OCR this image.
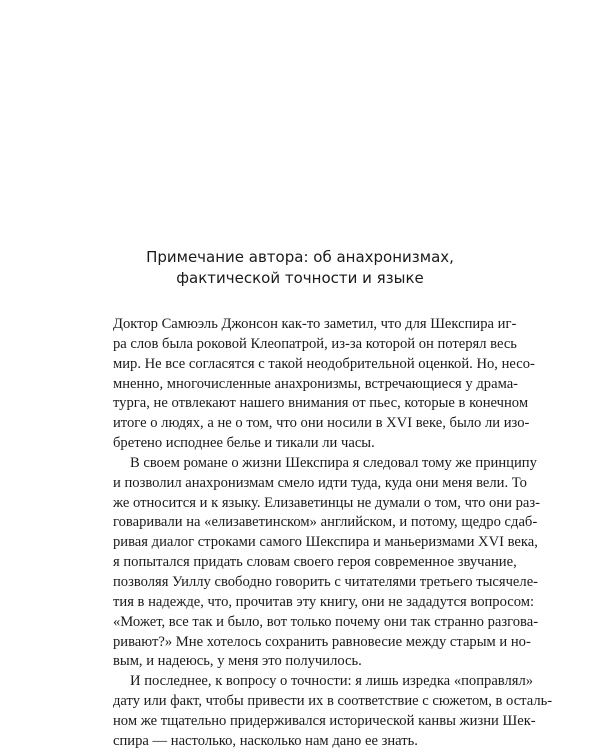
Примечание автора: об анахронизмах,
фактической точности и языке
Доктор Самюэль Джонсон как-то заметил, что для Шекспира иг-
ра слов была роковой Клеопатрой, из-за которой он потерял весь
мир. Не все согласятся с такой неодобрительной оценкой. Но, несо-
мненно, многочисленные анахронизмы, встречающиеся у драма-
турга, не отвлекают нашего внимания от пьес, которые в конечном
итоге о людях, а не о том, что они носили в XVI веке, было ли изо-
бретено исподнее белье и тикали ли часы.
В своем романе о жизни Шекспира я следовал тому же принципу
и позволил анахронизмам смело идти туда, куда они меня вели. То
же относится и к языку. Елизаветинцы не думали о том, что они раз-
говаривали на «елизаветинском» английском, и потому, щедро сдаб-
ривая диалог строками самого Шекспира и маньеризмами XVI века,
я попытался придать словам своего героя современное звучание,
позволяя Уиллу свободно говорить с читателями третьего тысячеле-
тия в надежде, что, прочитав эту книгу, они не зададутся вопросом:
«Может, все так и было, вот только почему они так странно разгова-
ривают?» Мне хотелось сохранить равновесие между старым и но-
вым, и надеюсь, у меня это получилось.
И последнее, к вопросу о точности: я лишь изредка «поправлял»
дату или факт, чтобы привести их в соответствие с сюжетом, в осталь-
ном же тщательно придерживался исторической канвы жизни Шек-
спира — настолько, насколько нам дано ее знать.
